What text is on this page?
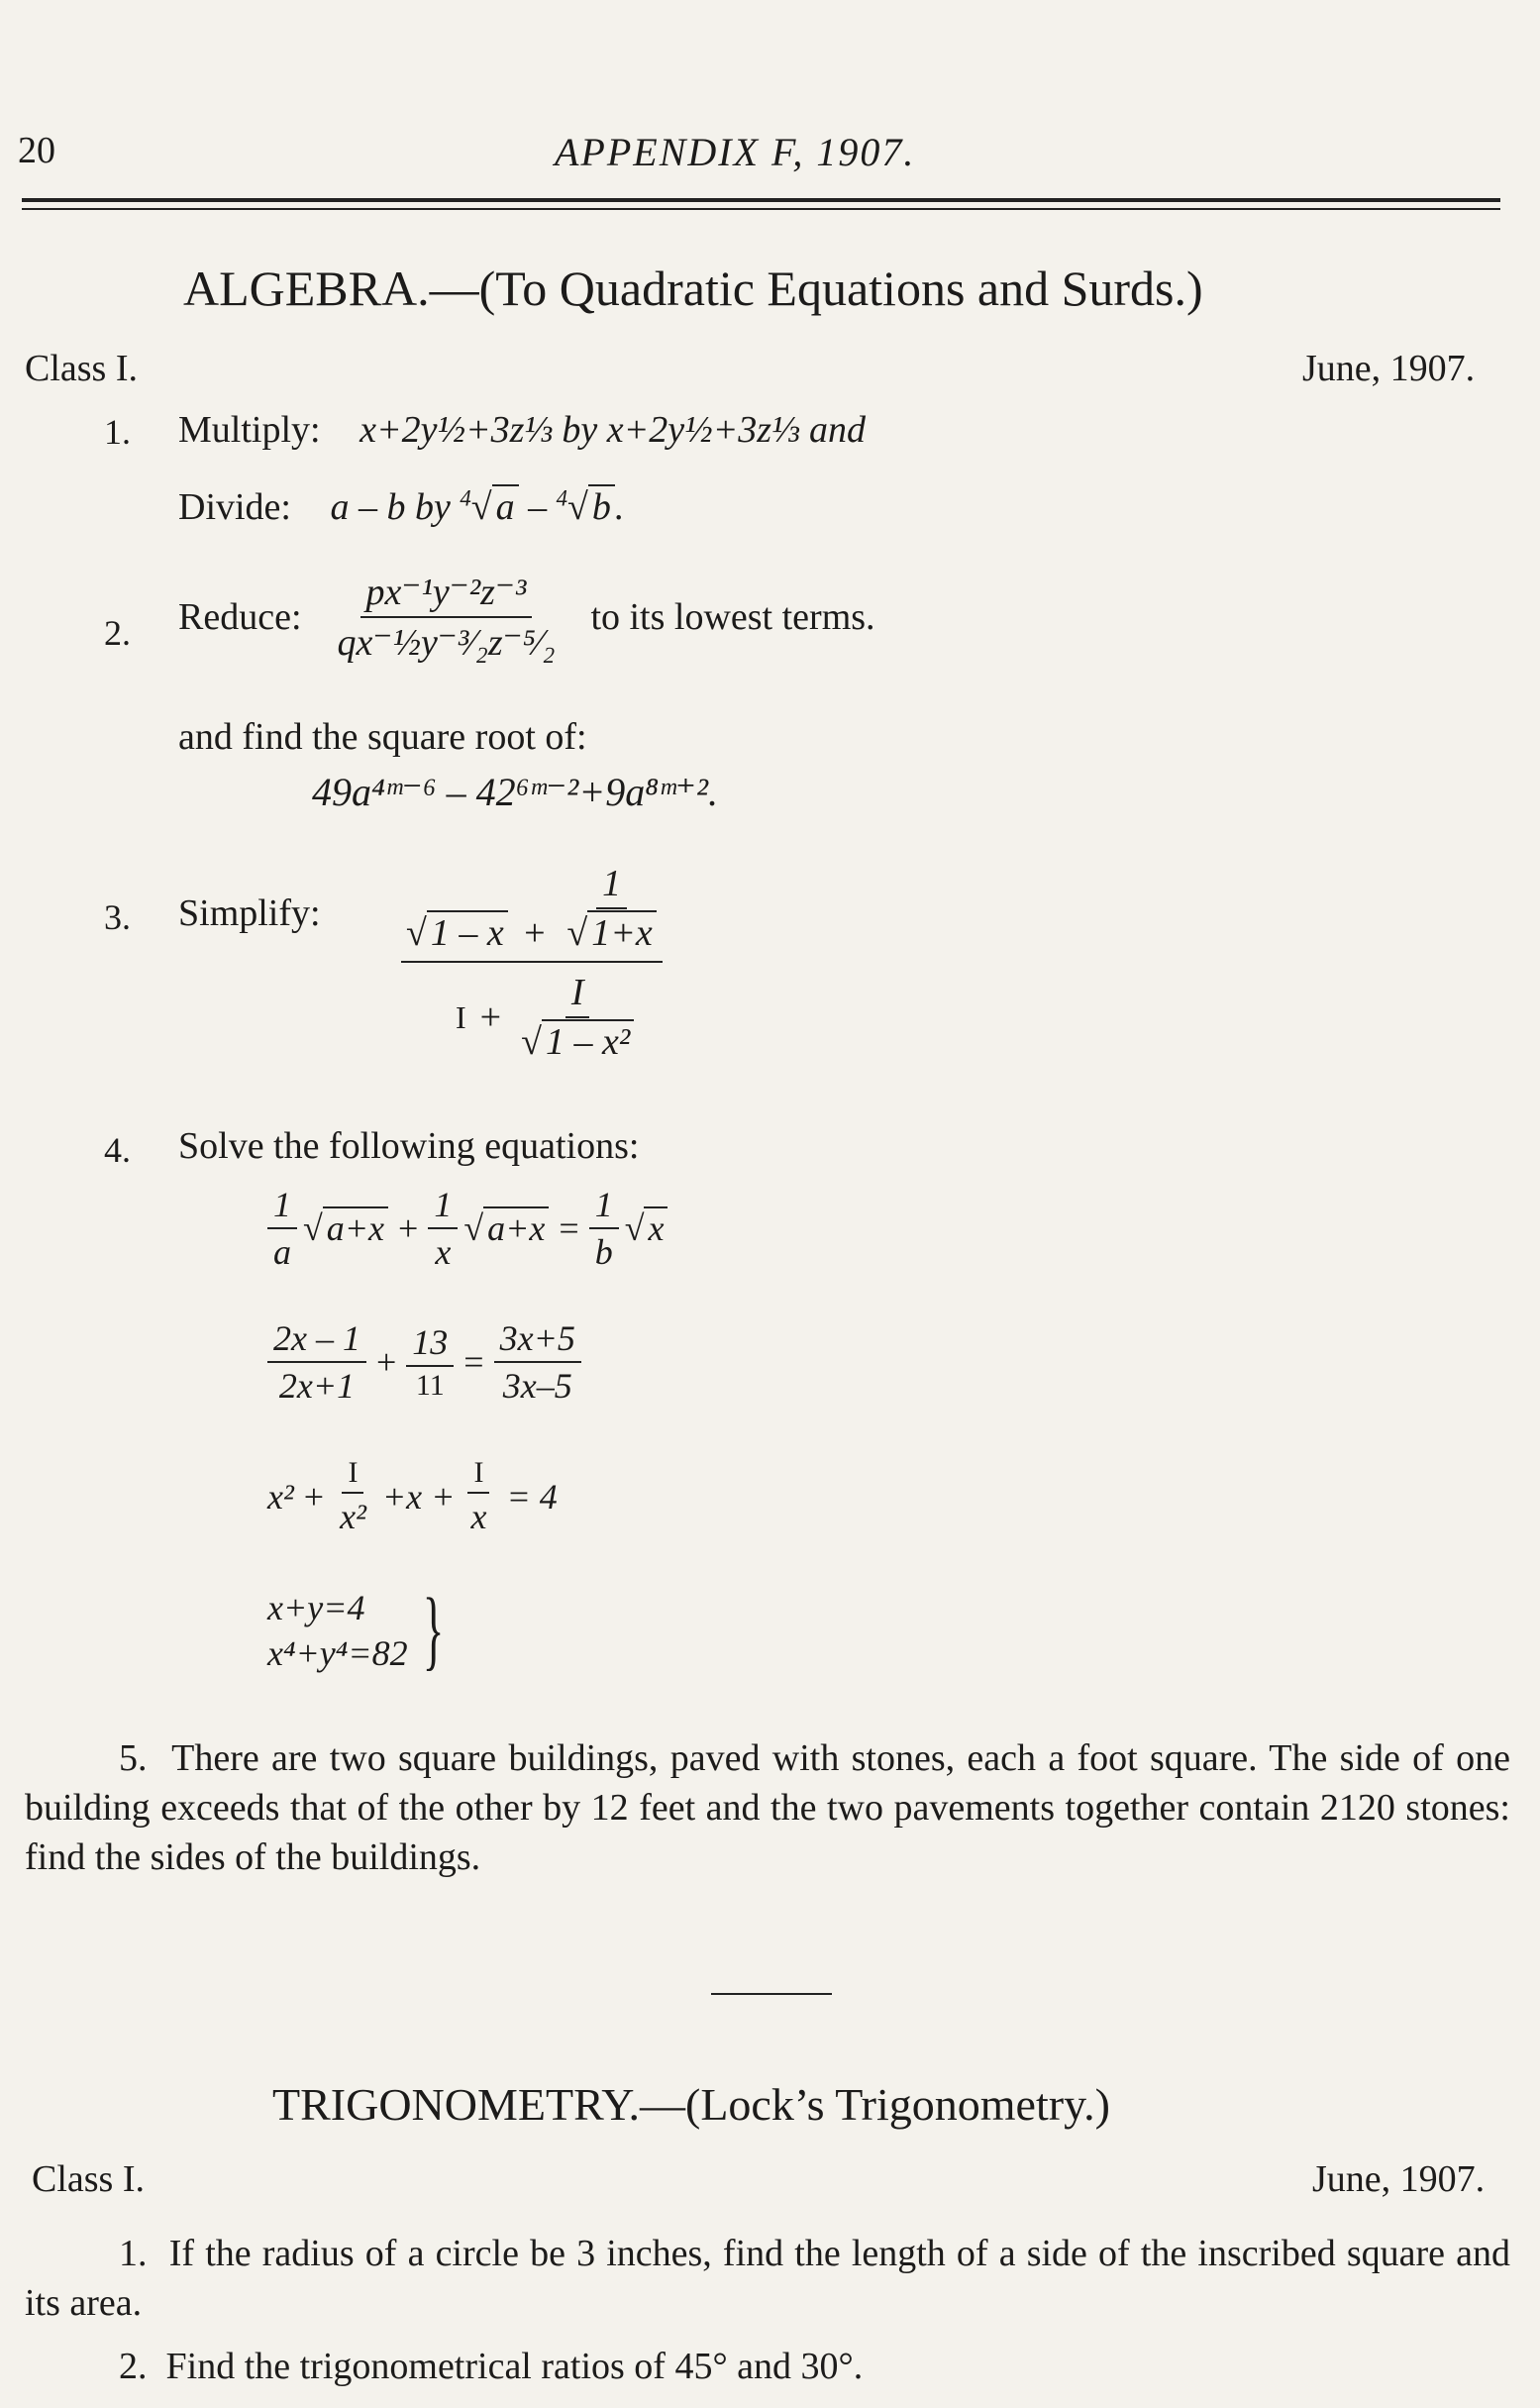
20	APPENDIX F, 1907.
ALGEBRA.—(To Quadratic Equations and Surds.)
Class I.	June, 1907.
1. Multiply: x+2y½+3z⅓ by x+2y½+3z⅓ and
Divide: a – b by $^4$√ a – $^4$√ b .
2. Reduce: $\frac{\text{px⁻¹y⁻²z⁻³}}{\text{qx⁻½y⁻³⁄₂z⁻⁵⁄₂}}$ to its lowest terms.
and find the square root of:
49a⁴ᵐ⁻⁶ – 42⁶ᵐ⁻²+9a⁸ᵐ⁺².
3. Simplify: $\frac{√ 1 - x + \frac{1}{√ 1+x}}{I + \frac{I}{\text{√ 1 – x²}}}$
4. Solve the following equations:
$\frac{1}{a}$ √ $a+x + \frac{1}{x}$ √ $a+x = \frac{1}{b}$ √ x
$\frac{2x - 1}{2x+1} + \frac{13}{11} = \frac{3x+5}{3x-5}$
$x^2 + \frac{I}{\text{x²}} +x + \frac{I}{x} = 4$
x+y=4
x⁴+y⁴=82 }
5. There are two square buildings, paved with stones, each a foot square. The side of one building exceeds that of the other by 12 feet and the two pavements together contain 2120 stones: find the sides of the buildings.
TRIGONOMETRY.—(Lock’s Trigonometry.)
Class I.	June, 1907.
1. If the radius of a circle be 3 inches, find the length of a side of the inscribed square and its area.
2. Find the trigonometrical ratios of 45° and 30°.
